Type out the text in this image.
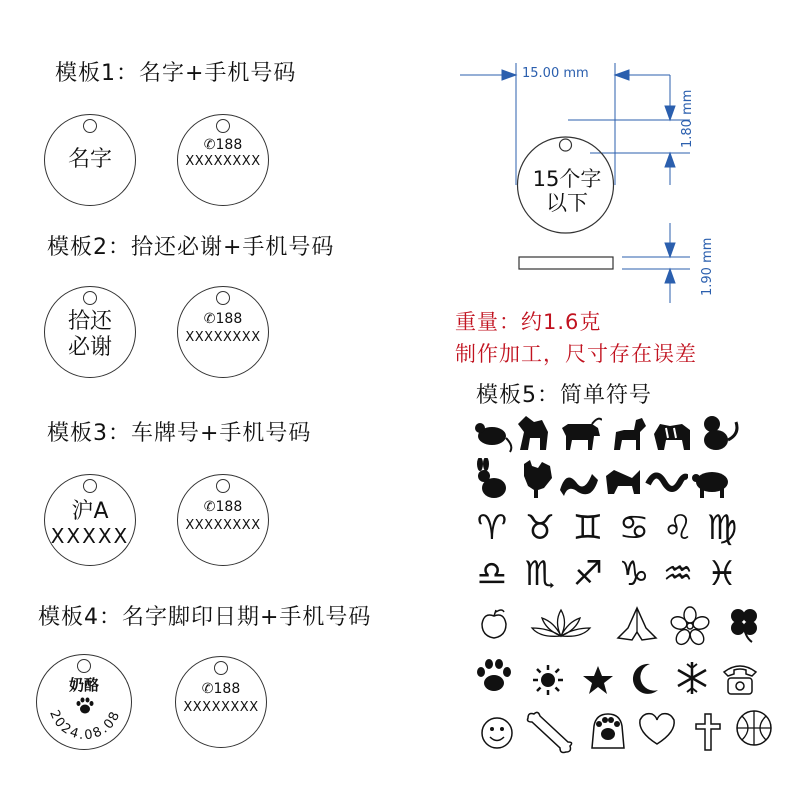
模板1：名字+手机号码
模板2：拾还必谢+手机号码
模板3：车牌号+手机号码
模板4：名字脚印日期+手机号码
名字
✆188
XXXXXXXX
拾还
必谢
✆188
XXXXXXXX
沪A
XXXXX
✆188
XXXXXXXX
奶酪
2024.08.08
✆188
XXXXXXXX
15.00 mm
1.80 mm
1.90 mm
15个字
以下
重量：约1.6克
制作加工，尺寸存在误差
模板5：简单符号
♈ ♉ ♊ ♋ ♌ ♍
♎ ♏ ♐ ♑ ♒ ♓
